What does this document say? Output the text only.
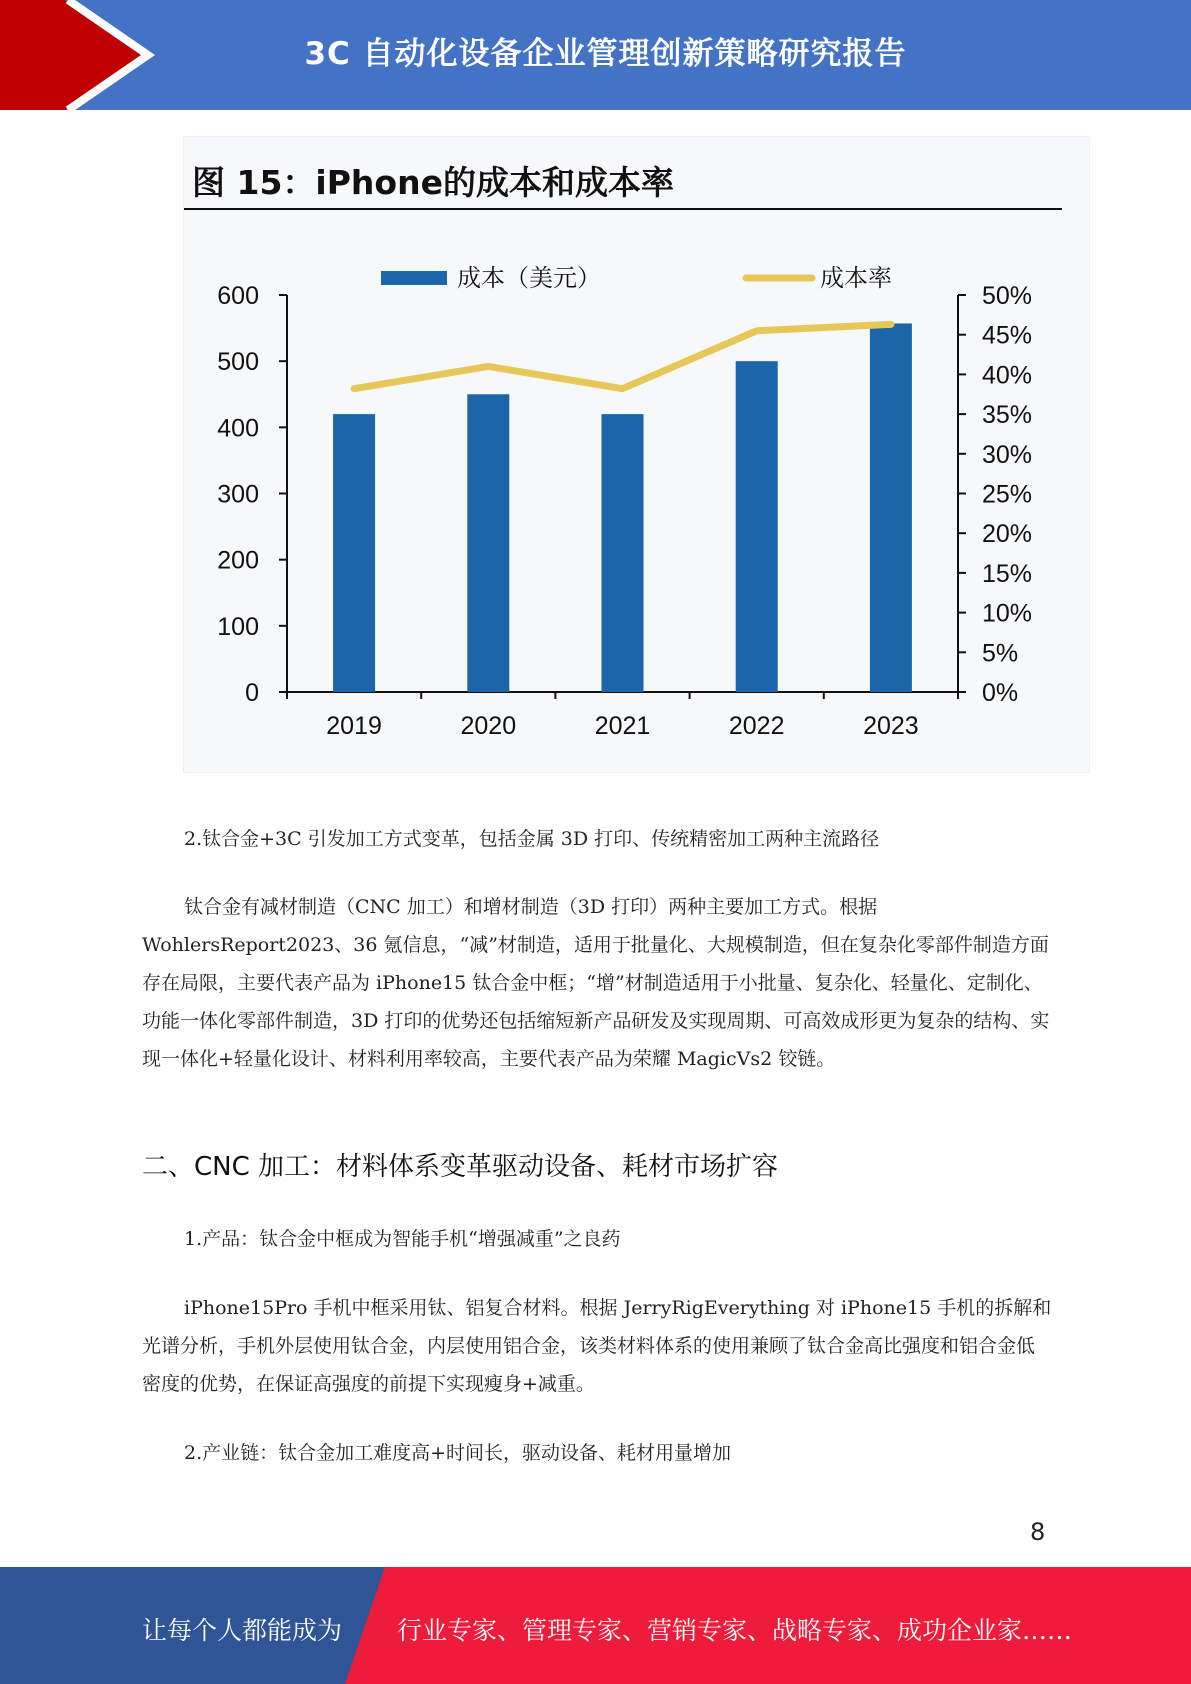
3C 自动化设备企业管理创新策略研究报告
图 15：iPhone的成本和成本率
0
100
200
300
400
500
600
0%
5%
10%
15%
20%
25%
30%
35%
40%
45%
50%
2019	2020	2021	2022	2023
成本（美元）	成本率
2.钛合金+3C 引发加工方式变革，包括金属 3D 打印、传统精密加工两种主流路径
钛合金有减材制造（CNC 加工）和增材制造（3D 打印）两种主要加工方式。根据 WohlersReport2023、36 氪信息，“减”材制造，适用于批量化、大规模制造，但在复杂化零部件制造方面存在局限，主要代表产品为 iPhone15 钛合金中框；“增”材制造适用于小批量、复杂化、轻量化、定制化、功能一体化零部件制造，3D 打印的优势还包括缩短新产品研发及实现周期、可高效成形更为复杂的结构、实现一体化+轻量化设计、材料利用率较高，主要代表产品为荣耀 MagicVs2 铰链。
二、CNC 加工：材料体系变革驱动设备、耗材市场扩容
1.产品：钛合金中框成为智能手机“增强减重”之良药
iPhone15Pro 手机中框采用钛、铝复合材料。根据 JerryRigEverything 对 iPhone15 手机的拆解和光谱分析，手机外层使用钛合金，内层使用铝合金，该类材料体系的使用兼顾了钛合金高比强度和铝合金低密度的优势，在保证高强度的前提下实现瘦身+减重。
2.产业链：钛合金加工难度高+时间长，驱动设备、耗材用量增加
8
让每个人都能成为 行业专家、管理专家、营销专家、战略专家、成功企业家……
